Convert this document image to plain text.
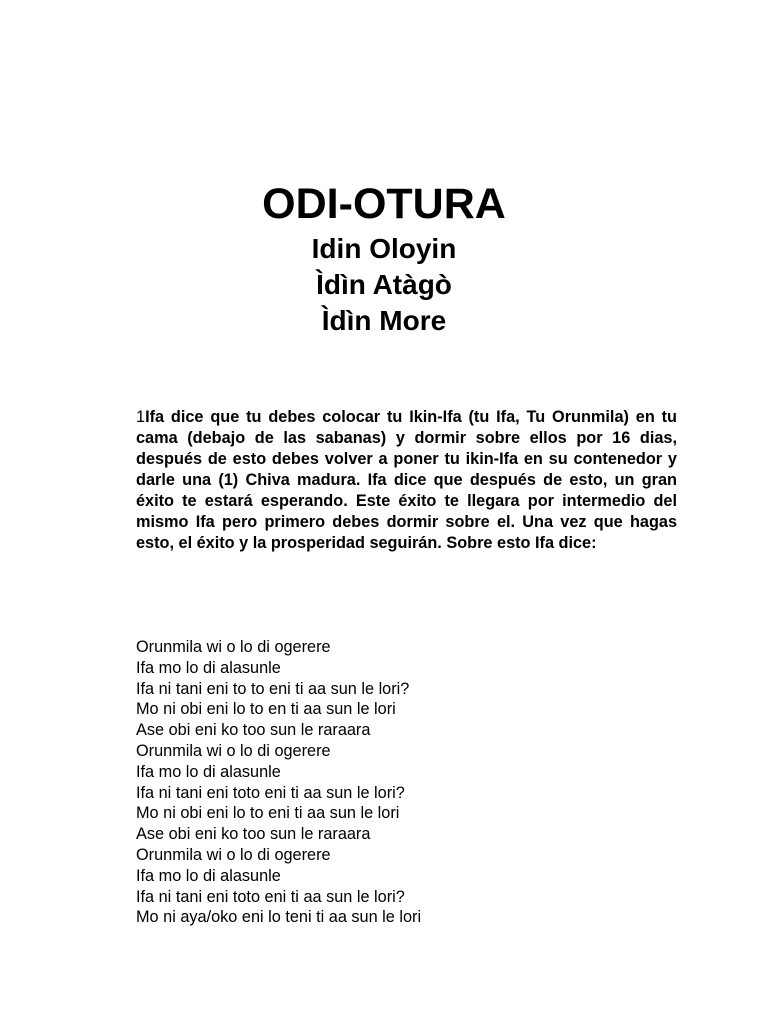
ODI-OTURA
Idin Oloyin
Ìdìn Atàgò
Ìdìn More

1Ifa dice que tu debes colocar tu Ikin-Ifa (tu Ifa, Tu Orunmila) en tu cama (debajo de las sabanas) y dormir sobre ellos por 16 dias, después de esto debes volver a poner tu ikin-Ifa en su contenedor y darle una (1) Chiva madura. Ifa dice que después de esto, un gran éxito te estará esperando. Este éxito te llegara por intermedio del mismo Ifa pero primero debes dormir sobre el. Una vez que hagas esto, el éxito y la prosperidad seguirán. Sobre esto Ifa dice:

Orunmila wi o lo di ogerere
Ifa mo lo di alasunle
Ifa ni tani eni to to eni ti aa sun le lori?
Mo ni obi eni lo to en ti aa sun le lori
Ase obi eni ko too sun le raraara
Orunmila wi o lo di ogerere
Ifa mo lo di alasunle
Ifa ni tani eni toto eni ti aa sun le lori?
Mo ni obi eni lo to eni ti aa sun le lori
Ase obi eni ko too sun le raraara
Orunmila wi o lo di ogerere
Ifa mo lo di alasunle
Ifa ni tani eni toto eni ti aa sun le lori?
Mo ni aya/oko eni lo teni ti aa sun le lori
